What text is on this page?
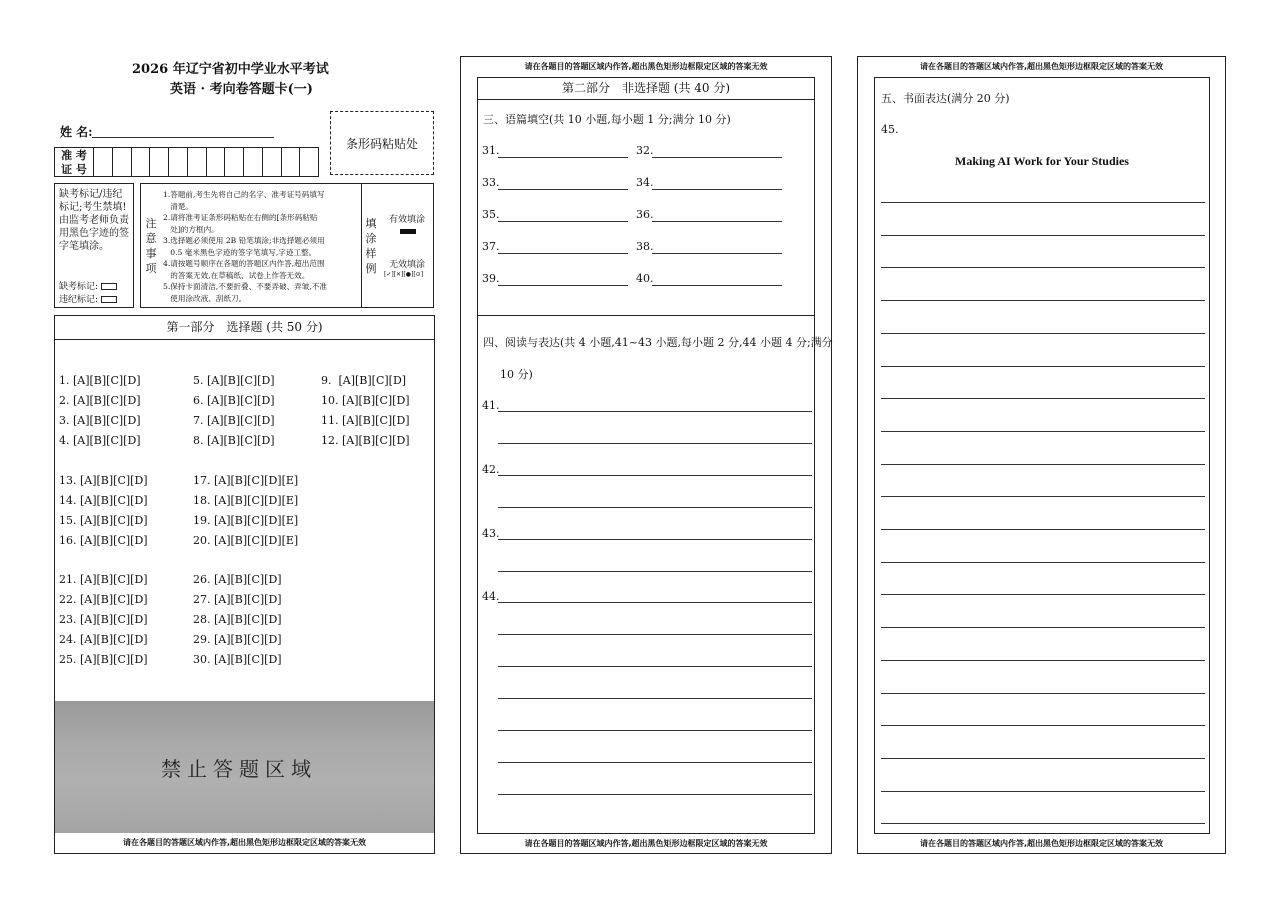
2026 年辽宁省初中学业水平考试
英语 · 考向卷答题卡(一)
姓 名:
条形码粘贴处
准 考
证 号
缺考标记/违纪标记;考生禁填!由监考老师负责用黑色字迹的签字笔填涂。
缺考标记:
违纪标记:
注
意
事
项
1.答题前,考生先将自己的名字、准考证号码填写
清楚。
2.请将准考证条形码粘贴在右侧的[条形码粘贴
处]的方框内。
3.选择题必须使用 2B 铅笔填涂;非选择题必须用
0.5 毫米黑色字迹的签字笔填写,字迹工整。
4.请按题号顺序在各题的答题区内作答,超出范围
的答案无效,在草稿纸、试卷上作答无效。
5.保持卡面清洁,不要折叠、不要弄破、弄皱,不准
使用涂改液、刮纸刀。
填
涂
样
例
有效填涂
无效填涂
[✓][✕][●][⊙]
第一部分　选择题 (共 50 分)
1. [A][B][C][D]	5. [A][B][C][D]	9.  [A][B][C][D]
2. [A][B][C][D]	6. [A][B][C][D]	10. [A][B][C][D]
3. [A][B][C][D]	7. [A][B][C][D]	11. [A][B][C][D]
4. [A][B][C][D]	8. [A][B][C][D]	12. [A][B][C][D]
13. [A][B][C][D]	17. [A][B][C][D][E]
14. [A][B][C][D]	18. [A][B][C][D][E]
15. [A][B][C][D]	19. [A][B][C][D][E]
16. [A][B][C][D]	20. [A][B][C][D][E]
21. [A][B][C][D]	26. [A][B][C][D]
22. [A][B][C][D]	27. [A][B][C][D]
23. [A][B][C][D]	28. [A][B][C][D]
24. [A][B][C][D]	29. [A][B][C][D]
25. [A][B][C][D]	30. [A][B][C][D]
禁止答题区域
请在各题目的答题区域内作答,超出黑色矩形边框限定区域的答案无效
请在各题目的答题区域内作答,超出黑色矩形边框限定区域的答案无效
第二部分　非选择题 (共 40 分)
三、语篇填空(共 10 小题,每小题 1 分;满分 10 分)
31.	32.
33.	34.
35.	36.
37.	38.
39.	40.
四、阅读与表达(共 4 小题,41~43 小题,每小题 2 分,44 小题 4 分;满分
10 分)
41.
42.
43.
44.
请在各题目的答题区域内作答,超出黑色矩形边框限定区域的答案无效
请在各题目的答题区域内作答,超出黑色矩形边框限定区域的答案无效
五、书面表达(满分 20 分)
45.
Making AI Work for Your Studies
请在各题目的答题区域内作答,超出黑色矩形边框限定区域的答案无效
